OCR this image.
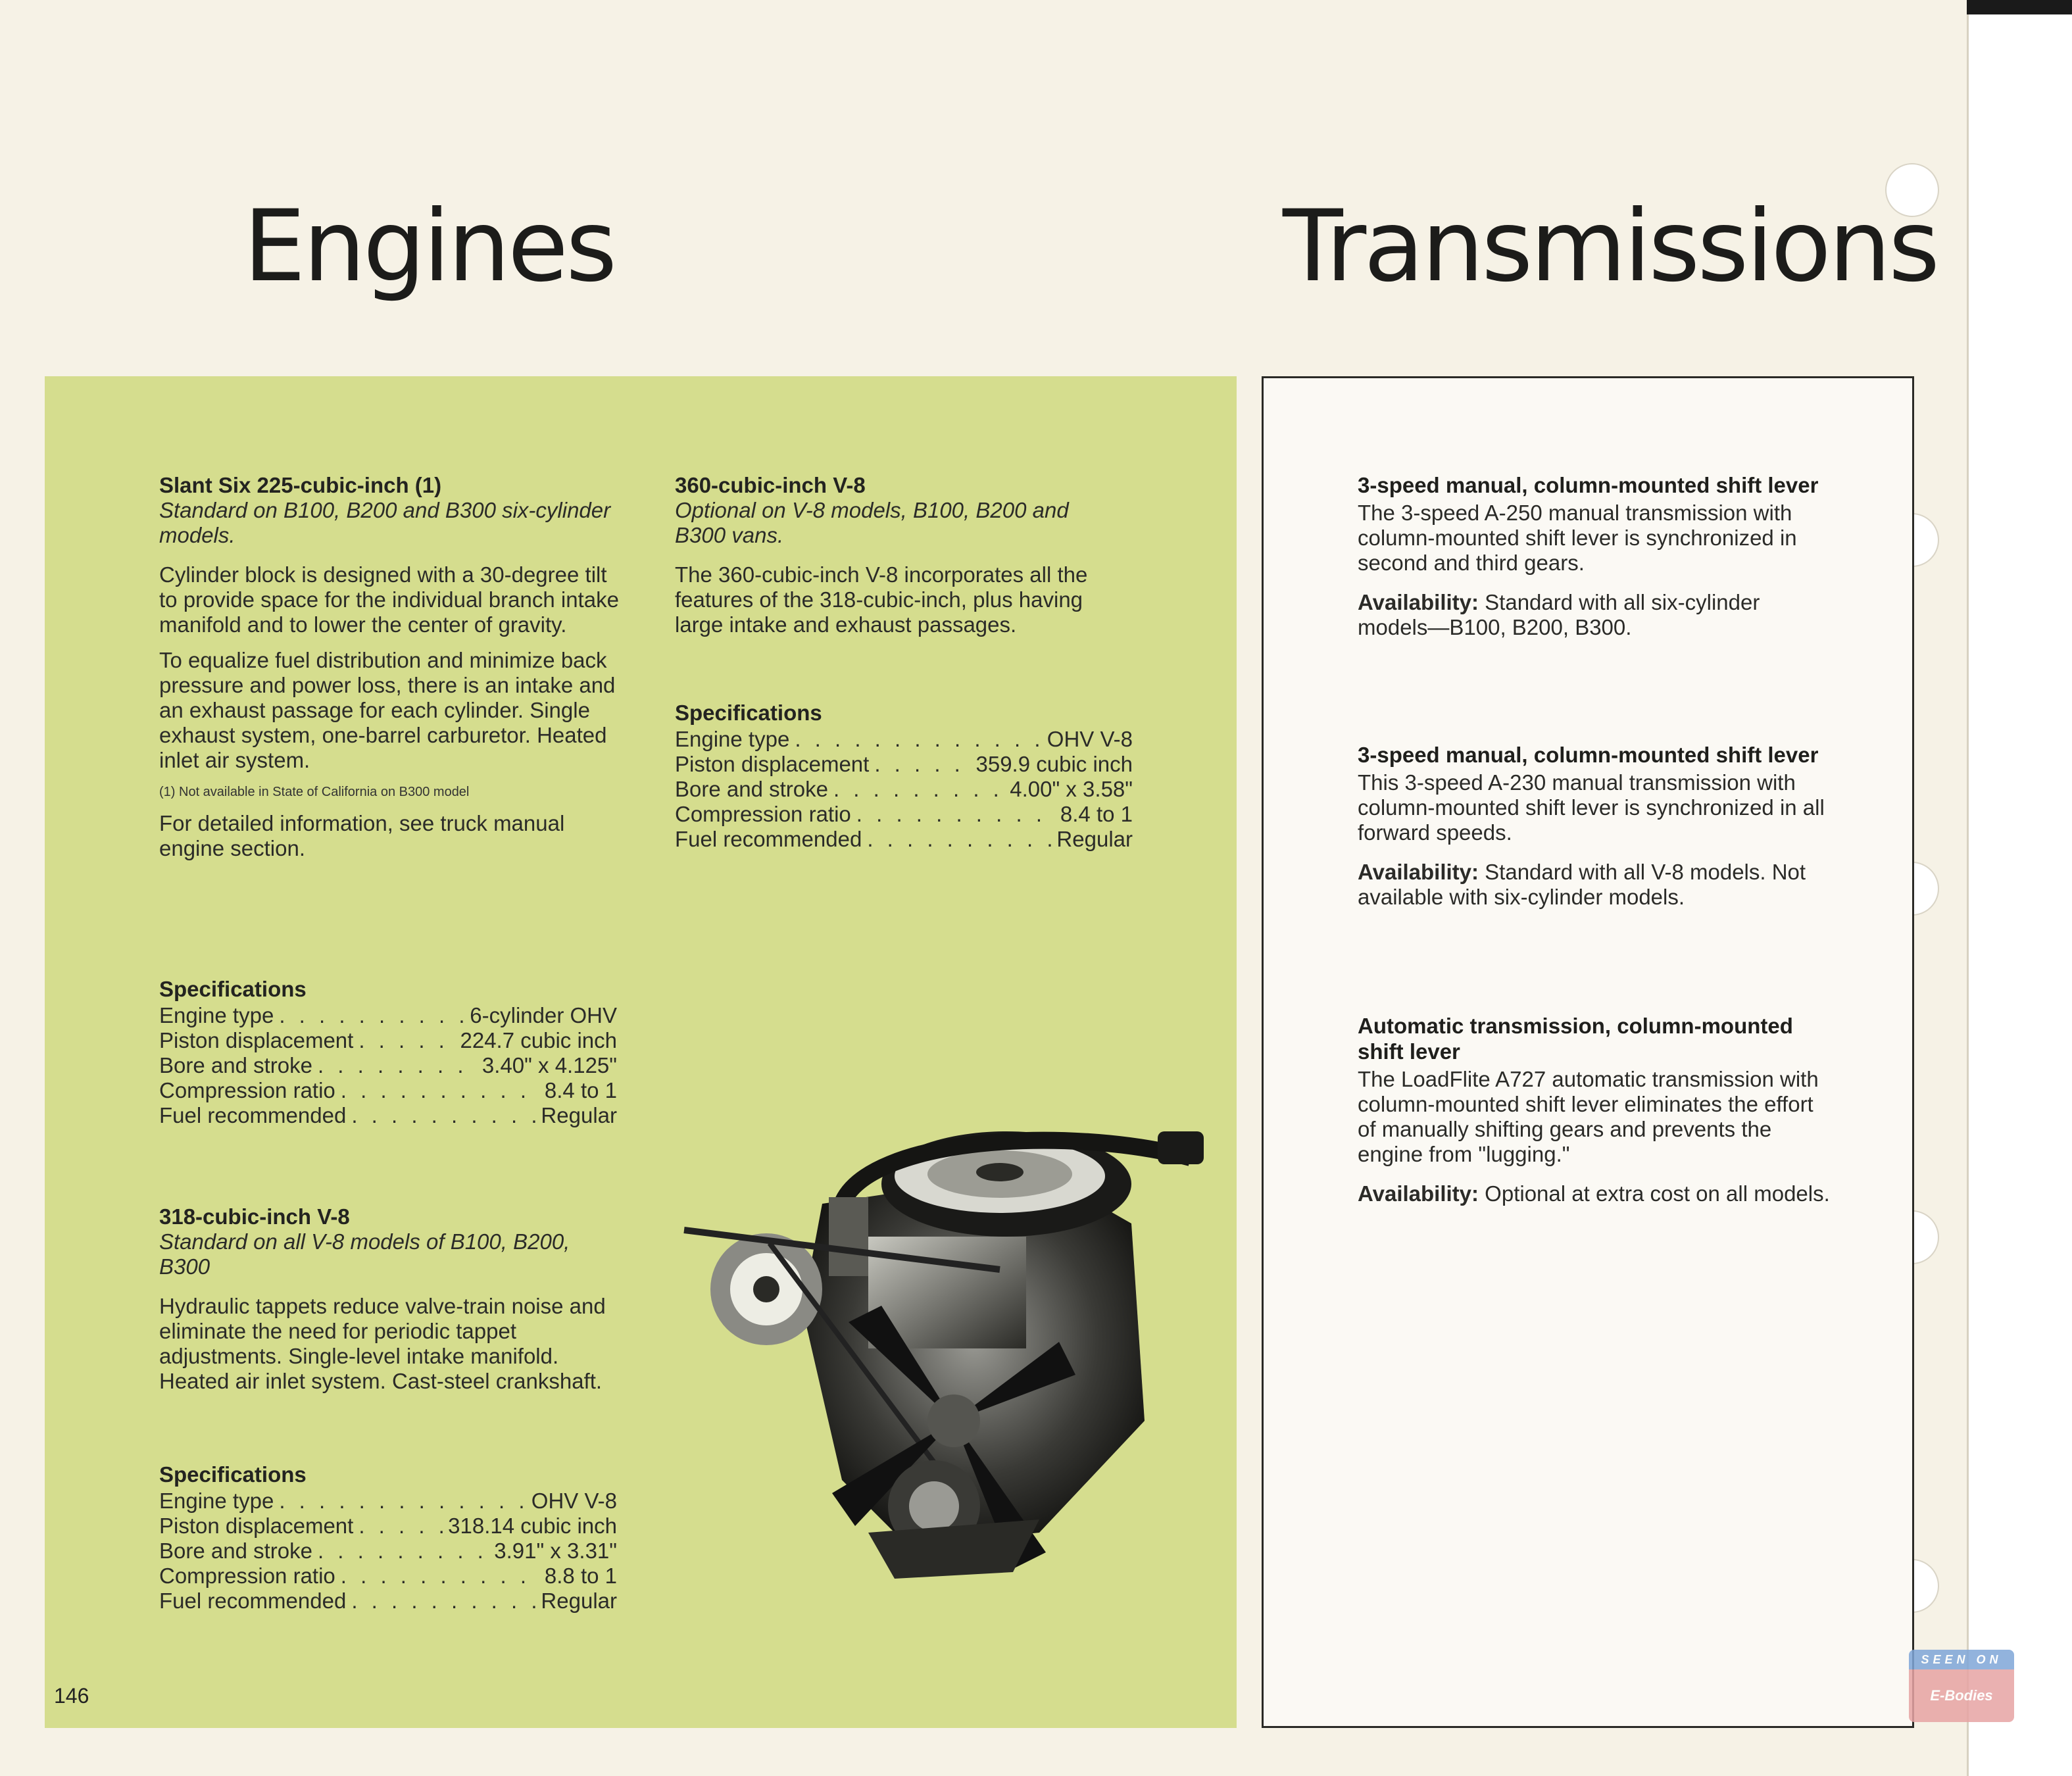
Engines	Transmissions
Slant Six 225-cubic-inch (1)
Standard on B100, B200 and B300 six-cylinder models.
Cylinder block is designed with a 30-degree tilt to provide space for the individual branch intake manifold and to lower the center of gravity.
To equalize fuel distribution and minimize back pressure and power loss, there is an intake and an exhaust passage for each cylinder. Single exhaust system, one-barrel carburetor. Heated inlet air system.
(1) Not available in State of California on B300 model
For detailed information, see truck manual engine section.
Specifications
Engine type . . .	6-cylinder OHV
Piston displacement . . .	224.7 cubic inch
Bore and stroke . . .	3.40" x 4.125"
Compression ratio . . .	8.4 to 1
Fuel recommended . . .	Regular
318-cubic-inch V-8
Standard on all V-8 models of B100, B200, B300
Hydraulic tappets reduce valve-train noise and eliminate the need for periodic tappet adjustments. Single-level intake manifold. Heated air inlet system. Cast-steel crankshaft.
Specifications
Engine type . . .	OHV V-8
Piston displacement . . .	318.14 cubic inch
Bore and stroke . . .	3.91" x 3.31"
Compression ratio . . .	8.8 to 1
Fuel recommended . . .	Regular
360-cubic-inch V-8
Optional on V-8 models, B100, B200 and B300 vans.
The 360-cubic-inch V-8 incorporates all the features of the 318-cubic-inch, plus having large intake and exhaust passages.
Specifications
Engine type . . .	OHV V-8
Piston displacement . . .	359.9 cubic inch
Bore and stroke . . .	4.00" x 3.58"
Compression ratio . . .	8.4 to 1
Fuel recommended . . .	Regular
3-speed manual, column-mounted shift lever
The 3-speed A-250 manual transmission with column-mounted shift lever is synchronized in second and third gears.
Availability: Standard with all six-cylinder models—B100, B200, B300.
3-speed manual, column-mounted shift lever
This 3-speed A-230 manual transmission with column-mounted shift lever is synchronized in all forward speeds.
Availability: Standard with all V-8 models. Not available with six-cylinder models.
Automatic transmission, column-mounted shift lever
The LoadFlite A727 automatic transmission with column-mounted shift lever eliminates the effort of manually shifting gears and prevents the engine from "lugging."
Availability: Optional at extra cost on all models.
146
SEEN ON
E-Bodies
